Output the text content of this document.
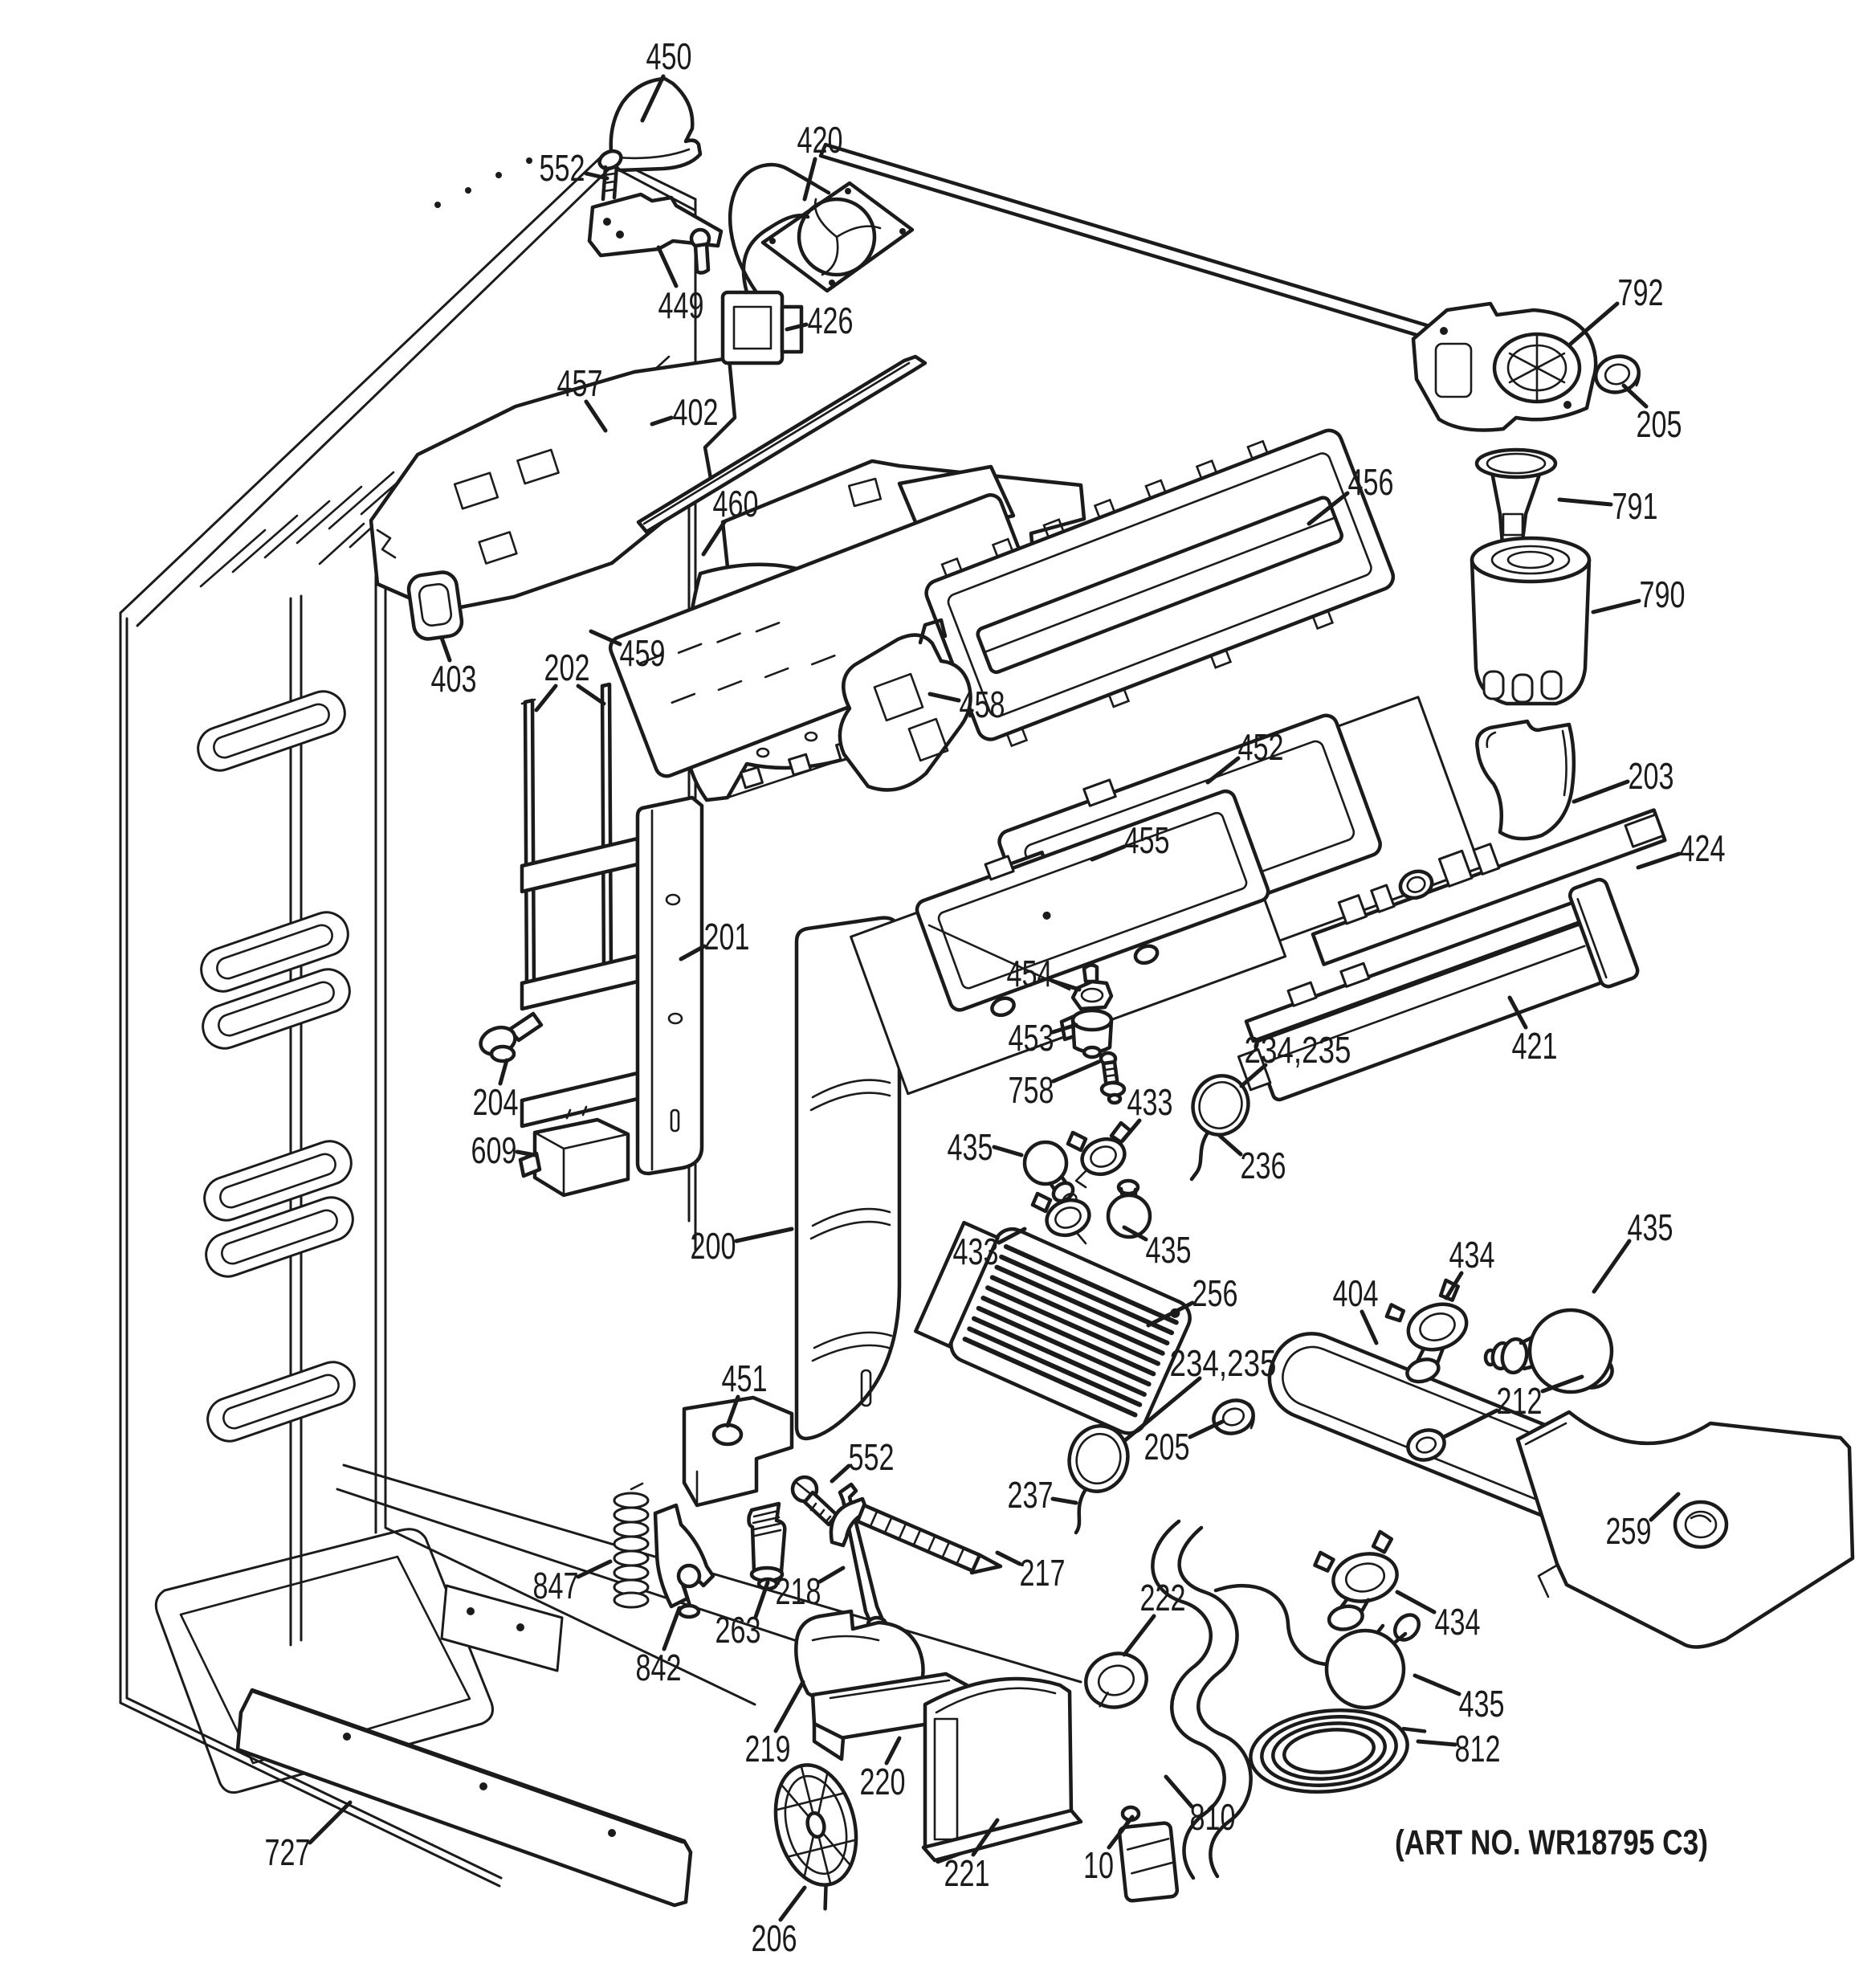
450
552
420
449	426
457
402
792
205
791
790
456
460
403
459
202
458
452
203
424
455
201
421
454
234,235
453
758 433
236
435
435
433
256
204
609
200
404
434
435
234,235
205
212
259
237
217
451
552
218
847
263
842
219
220
221
206
222
434
435
812
810
10
727	(ART NO. WR18795 C3)
